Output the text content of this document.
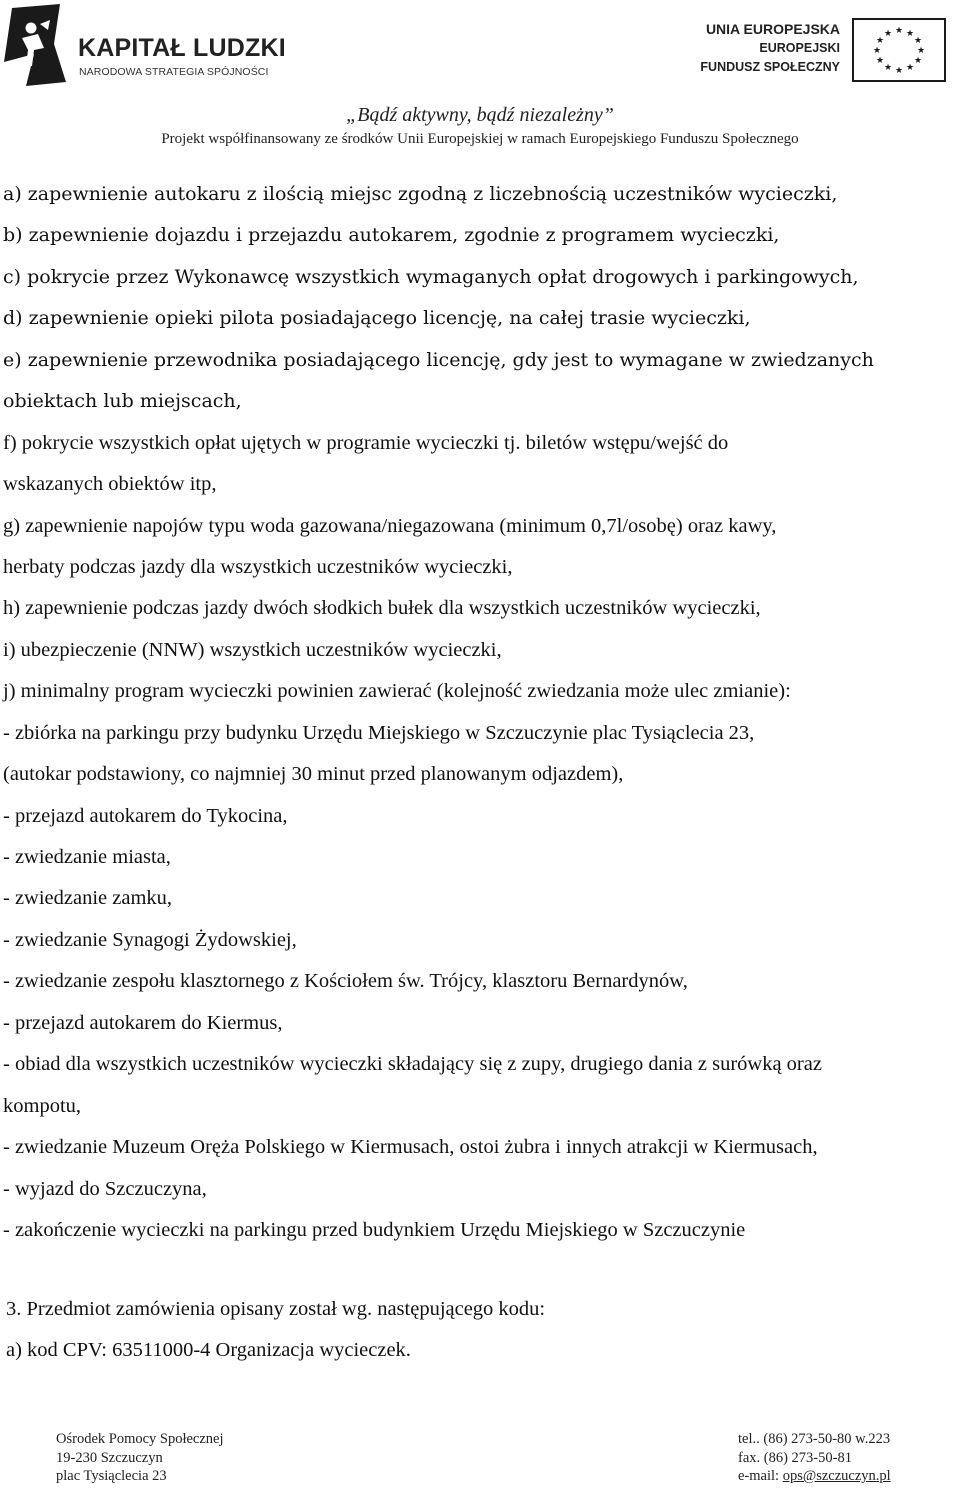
KAPITAŁ LUDZKI
NARODOWA STRATEGIA SPÓJNOŚCI
UNIA EUROPEJSKA
EUROPEJSKI
FUNDUSZ SPOŁECZNY
★ ★
★
★
★
★
★
★
★
★
★
★
„Bądź aktywny, bądź niezależny”
Projekt współfinansowany ze środków Unii Europejskiej w ramach Europejskiego Funduszu Społecznego
a) zapewnienie autokaru z ilością miejsc zgodną z liczebnością uczestników wycieczki,
b) zapewnienie dojazdu i przejazdu autokarem, zgodnie z programem wycieczki,
c) pokrycie przez Wykonawcę wszystkich wymaganych opłat drogowych i parkingowych,
d) zapewnienie opieki pilota posiadającego licencję, na całej trasie wycieczki,
e) zapewnienie przewodnika posiadającego licencję, gdy jest to wymagane w zwiedzanych
obiektach lub miejscach,
f) pokrycie wszystkich opłat ujętych w programie wycieczki tj. biletów wstępu/wejść do
wskazanych obiektów itp,
g) zapewnienie napojów typu woda gazowana/niegazowana (minimum 0,7l/osobę) oraz kawy,
herbaty podczas jazdy dla wszystkich uczestników wycieczki,
h) zapewnienie podczas jazdy dwóch słodkich bułek dla wszystkich uczestników wycieczki,
i) ubezpieczenie (NNW) wszystkich uczestników wycieczki,
j) minimalny program wycieczki powinien zawierać (kolejność zwiedzania może ulec zmianie):
- zbiórka na parkingu przy budynku Urzędu Miejskiego w Szczuczynie plac Tysiąclecia 23,
(autokar podstawiony, co najmniej 30 minut przed planowanym odjazdem),
- przejazd autokarem do Tykocina,
- zwiedzanie miasta,
- zwiedzanie zamku,
- zwiedzanie Synagogi Żydowskiej,
- zwiedzanie zespołu klasztornego z Kościołem św. Trójcy, klasztoru Bernardynów,
- przejazd autokarem do Kiermus,
- obiad dla wszystkich uczestników wycieczki składający się z zupy, drugiego dania z surówką oraz
kompotu,
- zwiedzanie Muzeum Oręża Polskiego w Kiermusach, ostoi żubra i innych atrakcji w Kiermusach,
- wyjazd do Szczuczyna,
- zakończenie wycieczki na parkingu przed budynkiem Urzędu Miejskiego w Szczuczynie
3. Przedmiot zamówienia opisany został wg. następującego kodu:
a) kod CPV: 63511000-4 Organizacja wycieczek.
Ośrodek Pomocy Społecznej
19-230 Szczuczyn
plac Tysiąclecia 23
tel.. (86) 273-50-80 w.223
fax. (86) 273-50-81
e-mail: ops@szczuczyn.pl
